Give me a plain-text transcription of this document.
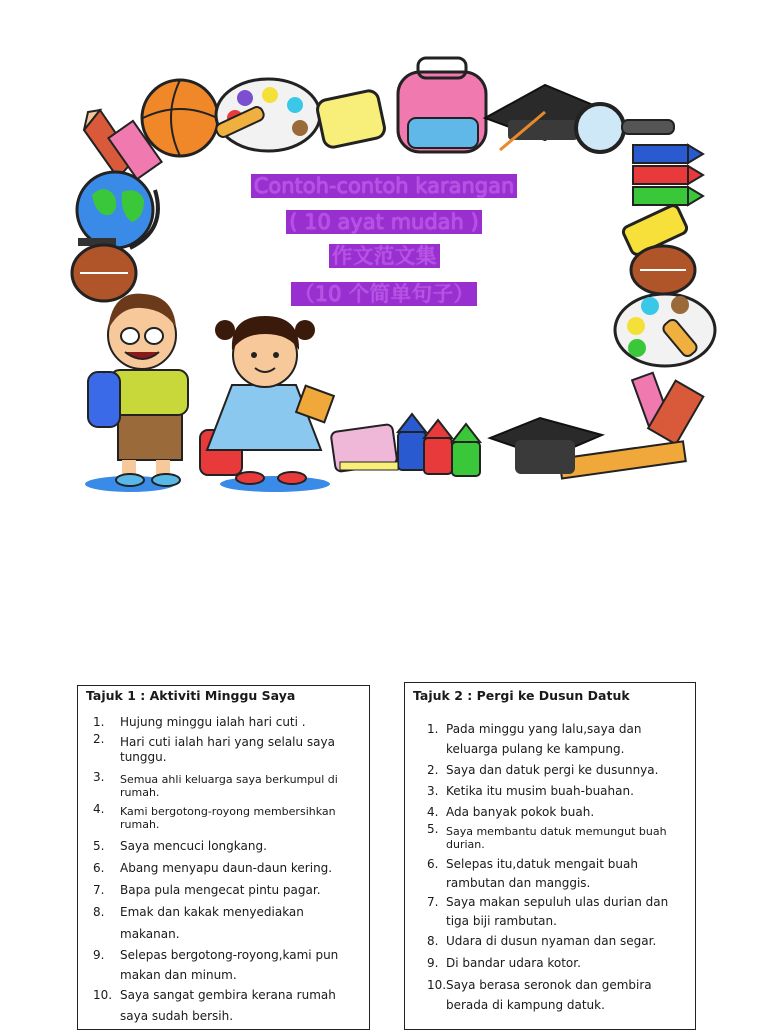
Contoh-contoh karangan
( 10 ayat mudah )
作文范文集
（10 个简单句子）
Tajuk 1 : Aktiviti Minggu Saya
1. Hujung minggu ialah hari cuti .
2. Hari cuti ialah hari yang selalu saya tunggu.
3. Semua ahli keluarga saya berkumpul di rumah.
4. Kami bergotong-royong membersihkan rumah.
5. Saya mencuci longkang.
6. Abang menyapu daun-daun kering.
7. Bapa pula mengecat pintu pagar.
8. Emak dan kakak menyediakan makanan.
9. Selepas bergotong-royong,kami pun makan dan minum.
10. Saya sangat gembira kerana rumah saya sudah bersih.
Tajuk 2 : Pergi ke Dusun Datuk
1. Pada minggu yang lalu,saya dan keluarga pulang ke kampung.
2. Saya dan datuk pergi ke dusunnya.
3. Ketika itu musim buah-buahan.
4. Ada banyak pokok buah.
5. Saya membantu datuk memungut buah durian.
6. Selepas itu,datuk mengait buah rambutan dan manggis.
7. Saya makan sepuluh ulas durian dan tiga biji rambutan.
8. Udara di dusun nyaman dan segar.
9. Di bandar udara kotor.
10. Saya berasa seronok dan gembira berada di kampung datuk.
